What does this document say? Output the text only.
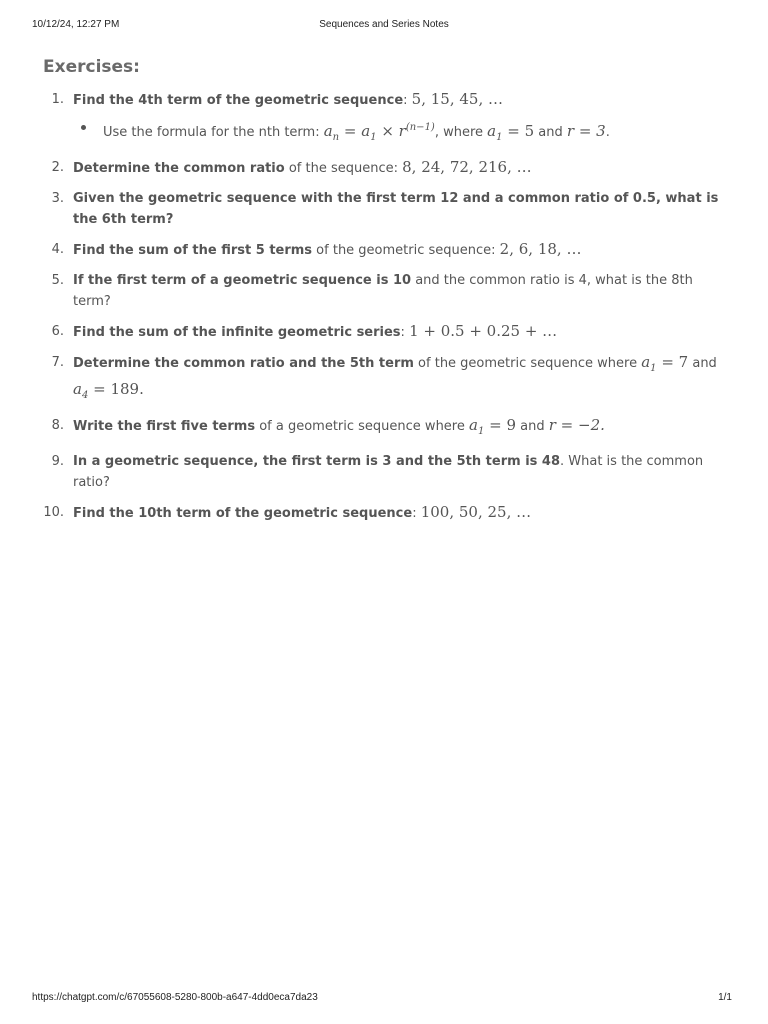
10/12/24, 12:27 PM	Sequences and Series Notes
Exercises:
1. Find the 4th term of the geometric sequence: 5, 15, 45, …
Use the formula for the nth term: $a_n = a_1 \times r^{(n-1)}$, where $a_1 = 5$ and r = 3.
2. Determine the common ratio of the sequence: 8, 24, 72, 216, …
3. Given the geometric sequence with the first term 12 and a common ratio of 0.5, what is the 6th term?
4. Find the sum of the first 5 terms of the geometric sequence: 2, 6, 18, …
5. If the first term of a geometric sequence is 10 and the common ratio is 4, what is the 8th term?
6. Find the sum of the infinite geometric series: 1 + 0.5 + 0.25 + …
7. Determine the common ratio and the 5th term of the geometric sequence where $a_1 = 7$ and
$a_4 = 189$.
8. Write the first five terms of a geometric sequence where $a_1 = 9$ and r = −2.
9. In a geometric sequence, the first term is 3 and the 5th term is 48. What is the common ratio?
10. Find the 10th term of the geometric sequence: 100, 50, 25, …
https://chatgpt.com/c/67055608-5280-800b-a647-4dd0eca7da23	1/1
